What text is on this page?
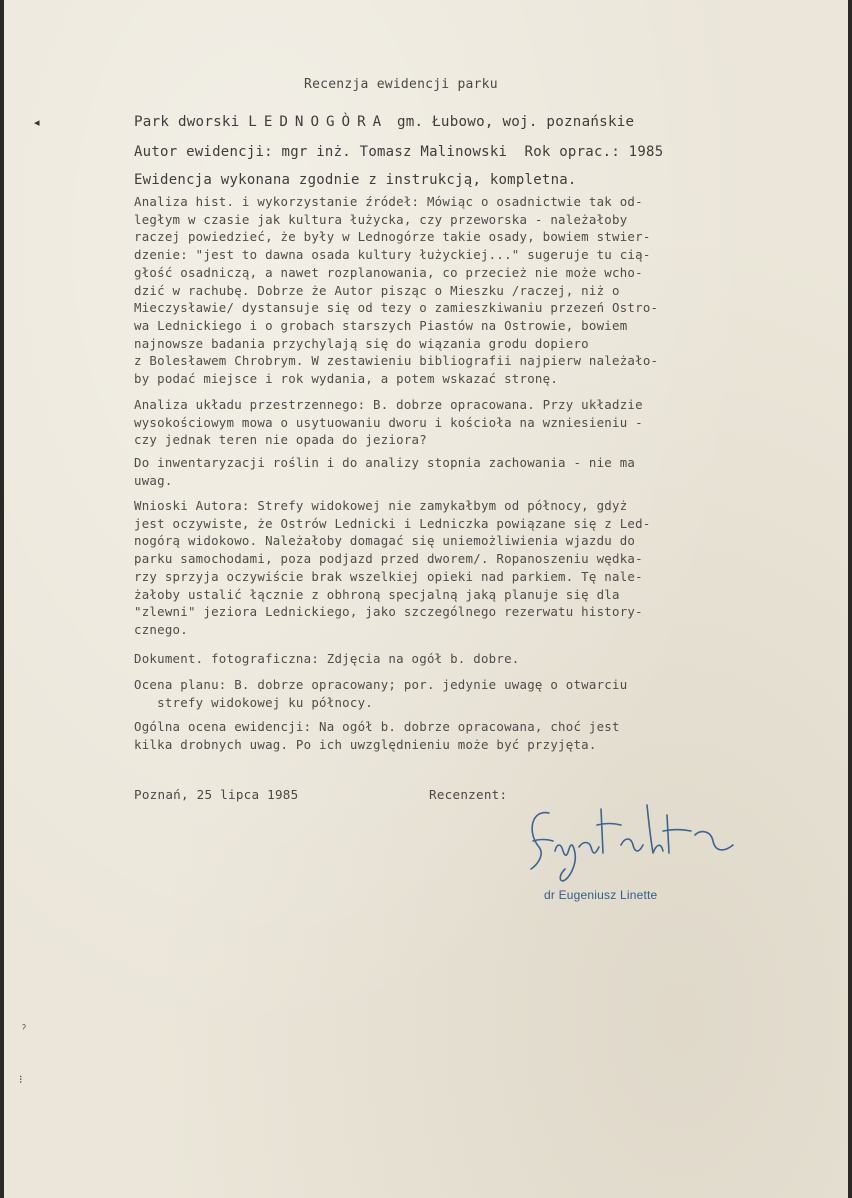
◂
ˀ
⁝
Recenzja ewidencji parku
Park dworski LEDNOGÒRA gm. Łubowo, woj. poznańskie
Autor ewidencji: mgr inż. Tomasz Malinowski  Rok oprac.: 1985
Ewidencja wykonana zgodnie z instrukcją, kompletna.
Analiza hist. i wykorzystanie źródeł: Mówiąc o osadnictwie tak od-
ległym w czasie jak kultura łużycka, czy przeworska - należałoby
raczej powiedzieć, że były w Lednogórze takie osady, bowiem stwier-
dzenie: "jest to dawna osada kultury łużyckiej..." sugeruje tu cią-
głość osadniczą, a nawet rozplanowania, co przecież nie może wcho-
dzić w rachubę. Dobrze że Autor pisząc o Mieszku /raczej, niż o
Mieczysławie/ dystansuje się od tezy o zamieszkiwaniu przezeń Ostro-
wa Lednickiego i o grobach starszych Piastów na Ostrowie, bowiem
najnowsze badania przychylają się do wiązania grodu dopiero
z Bolesławem Chrobrym. W zestawieniu bibliografii najpierw należało-
by podać miejsce i rok wydania, a potem wskazać stronę.
Analiza układu przestrzennego: B. dobrze opracowana. Przy układzie
wysokościowym mowa o usytuowaniu dworu i kościoła na wzniesieniu -
czy jednak teren nie opada do jeziora?
Do inwentaryzacji roślin i do analizy stopnia zachowania - nie ma
uwag.
Wnioski Autora: Strefy widokowej nie zamykałbym od północy, gdyż
jest oczywiste, że Ostrów Lednicki i Ledniczka powiązane się z Led-
nogórą widokowo. Należałoby domagać się uniemożliwienia wjazdu do
parku samochodami, poza podjazd przed dworem/. Ropanoszeniu wędka-
rzy sprzyja oczywiście brak wszelkiej opieki nad parkiem. Tę nale-
żałoby ustalić łącznie z obhroną specjalną jaką planuje się dla
"zlewni" jeziora Lednickiego, jako szczególnego rezerwatu history-
cznego.
Dokument. fotograficzna: Zdjęcia na ogół b. dobre.
Ocena planu: B. dobrze opracowany; por. jedynie uwagę o otwarciu
strefy widokowej ku północy.
Ogólna ocena ewidencji: Na ogół b. dobrze opracowana, choć jest
kilka drobnych uwag. Po ich uwzględnieniu może być przyjęta.
Poznań, 25 lipca 1985	Recenzent:
dr Eugeniusz Linette
